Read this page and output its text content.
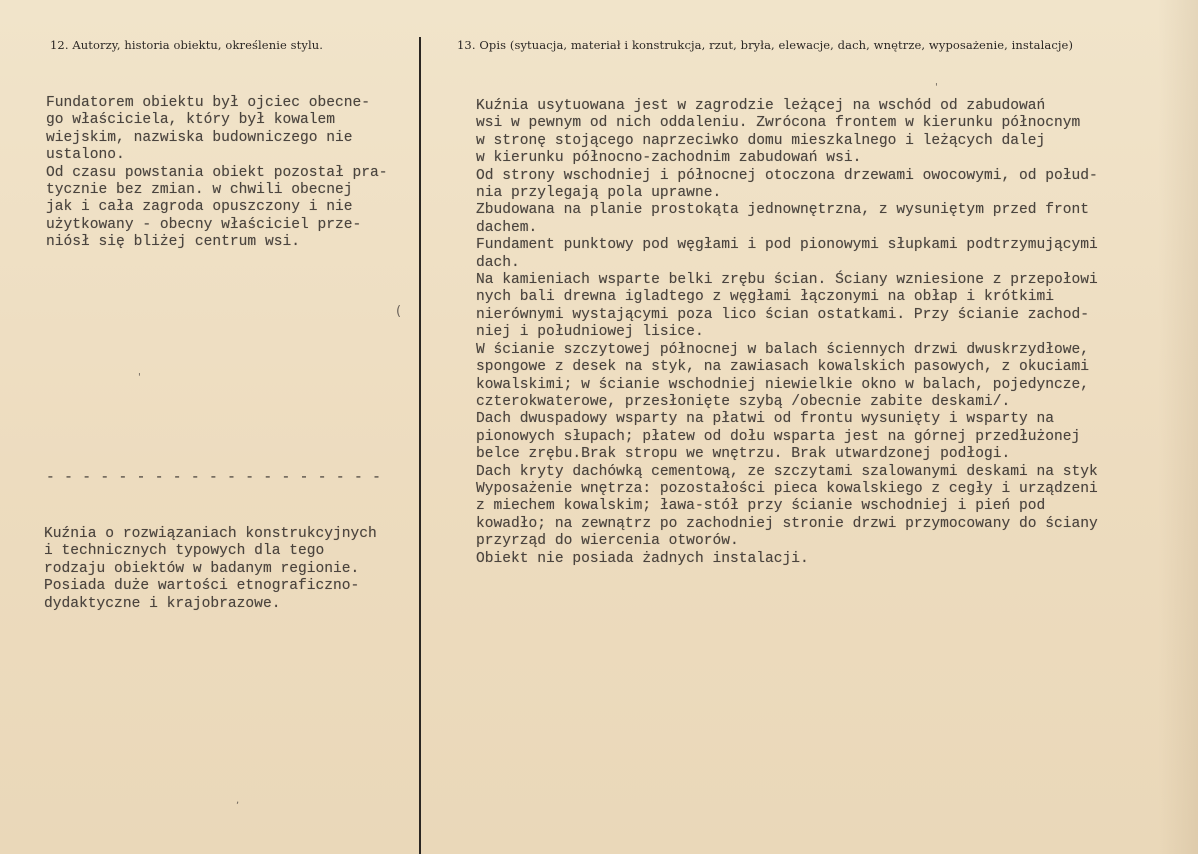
12. Autorzy, historia obiektu, określenie stylu.	13. Opis (sytuacja, materiał i konstrukcja, rzut, bryła, elewacje, dach, wnętrze, wyposażenie, instalacje)
Fundatorem obiektu był ojciec obecne-
go właściciela, który był kowalem
wiejskim, nazwiska budowniczego nie
ustalono.
Od czasu powstania obiekt pozostał pra-
tycznie bez zmian. w chwili obecnej
jak i cała zagroda opuszczony i nie
użytkowany - obecny właściciel prze-
niósł się bliżej centrum wsi.
- - - - - - - - - - - - - - - - - - -
Kuźnia o rozwiązaniach konstrukcyjnych
i technicznych typowych dla tego
rodzaju obiektów w badanym regionie.
Posiada duże wartości etnograficzno-
dydaktyczne i krajobrazowe.
Kuźnia usytuowana jest w zagrodzie leżącej na wschód od zabudowań
wsi w pewnym od nich oddaleniu. Zwrócona frontem w kierunku północnym
w stronę stojącego naprzeciwko domu mieszkalnego i leżących dalej
w kierunku północno-zachodnim zabudowań wsi.
Od strony wschodniej i północnej otoczona drzewami owocowymi, od połud-
nia przylegają pola uprawne.
Zbudowana na planie prostokąta jednownętrzna, z wysuniętym przed front
dachem.
Fundament punktowy pod węgłami i pod pionowymi słupkami podtrzymującymi
dach.
Na kamieniach wsparte belki zrębu ścian. Ściany wzniesione z przepołowi
nych bali drewna igladtego z węgłami łączonymi na obłap i krótkimi
nierównymi wystającymi poza lico ścian ostatkami. Przy ścianie zachod-
niej i południowej lisice.
W ścianie szczytowej północnej w balach ściennych drzwi dwuskrzydłowe,
spongowe z desek na styk, na zawiasach kowalskich pasowych, z okuciami
kowalskimi; w ścianie wschodniej niewielkie okno w balach, pojedyncze,
czterokwaterowe, przesłonięte szybą /obecnie zabite deskami/.
Dach dwuspadowy wsparty na płatwi od frontu wysunięty i wsparty na
pionowych słupach; płatew od dołu wsparta jest na górnej przedłużonej
belce zrębu.Brak stropu we wnętrzu. Brak utwardzonej podłogi.
Dach kryty dachówką cementową, ze szczytami szalowanymi deskami na styk
Wyposażenie wnętrza: pozostałości pieca kowalskiego z cegły i urządzeni
z miechem kowalskim; ława-stół przy ścianie wschodniej i pień pod
kowadło; na zewnątrz po zachodniej stronie drzwi przymocowany do ściany
przyrząd do wiercenia otworów.
Obiekt nie posiada żadnych instalacji.
(
'
,
'
